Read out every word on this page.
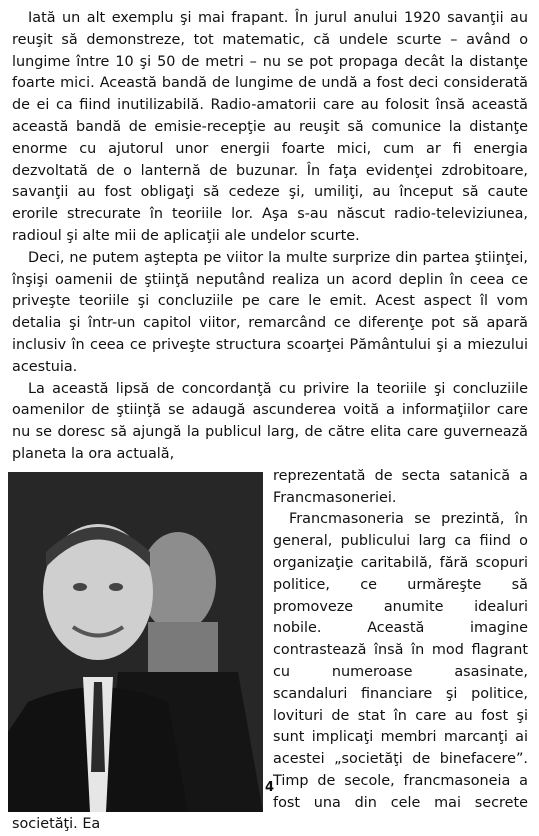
Iată un alt exemplu şi mai frapant. În jurul anului 1920 savanţii au reuşit să demonstreze, tot matematic, că undele scurte – având o lungime între 10 şi 50 de metri – nu se pot propaga decât la distanţe foarte mici. Această bandă de lungime de undă a fost deci considerată de ei ca fiind inutilizabilă. Radio-amatorii care au folosit însă această această bandă de emisie-recepţie au reuşit să comunice la distanţe enorme cu ajutorul unor energii foarte mici, cum ar fi energia dezvoltată de o lanternă de buzunar. În faţa evidenţei zdrobitoare, savanţii au fost obligaţi să cedeze şi, umiliţi, au început să caute erorile strecurate în teoriile lor. Aşa s-au născut radio-televiziunea, radioul şi alte mii de aplicaţii ale undelor scurte.

Deci, ne putem aştepta pe viitor la multe surprize din partea ştiinţei, înşişi oamenii de ştiinţă neputând realiza un acord deplin în ceea ce priveşte teoriile şi concluziile pe care le emit. Acest aspect îl vom detalia şi într-un capitol viitor, remarcând ce diferenţe pot să apară inclusiv în ceea ce priveşte structura scoarţei Pământului şi a miezului acestuia.

La această lipsă de concordanţă cu privire la teoriile şi concluziile oamenilor de ştiinţă se adaugă ascunderea voită a informaţiilor care nu se doresc să ajungă la publicul larg, de către elita care guvernează planeta la ora actuală,

reprezentată de secta satanică a Francmasoneriei.

Francmasoneria se prezintă, în general, publicului larg ca fiind o organizaţie caritabilă, fără scopuri politice, ce urmăreşte să promoveze anumite idealuri nobile. Această imagine contrastează însă în mod flagrant cu numeroase asasinate, scandaluri financiare şi politice, lovituri de stat în care au fost şi sunt implicaţi membri marcanţi ai acestei „societăţi de binefacere”. Timp de secole, francmasoneia a fost una din cele mai secrete societăţi. Ea

4
